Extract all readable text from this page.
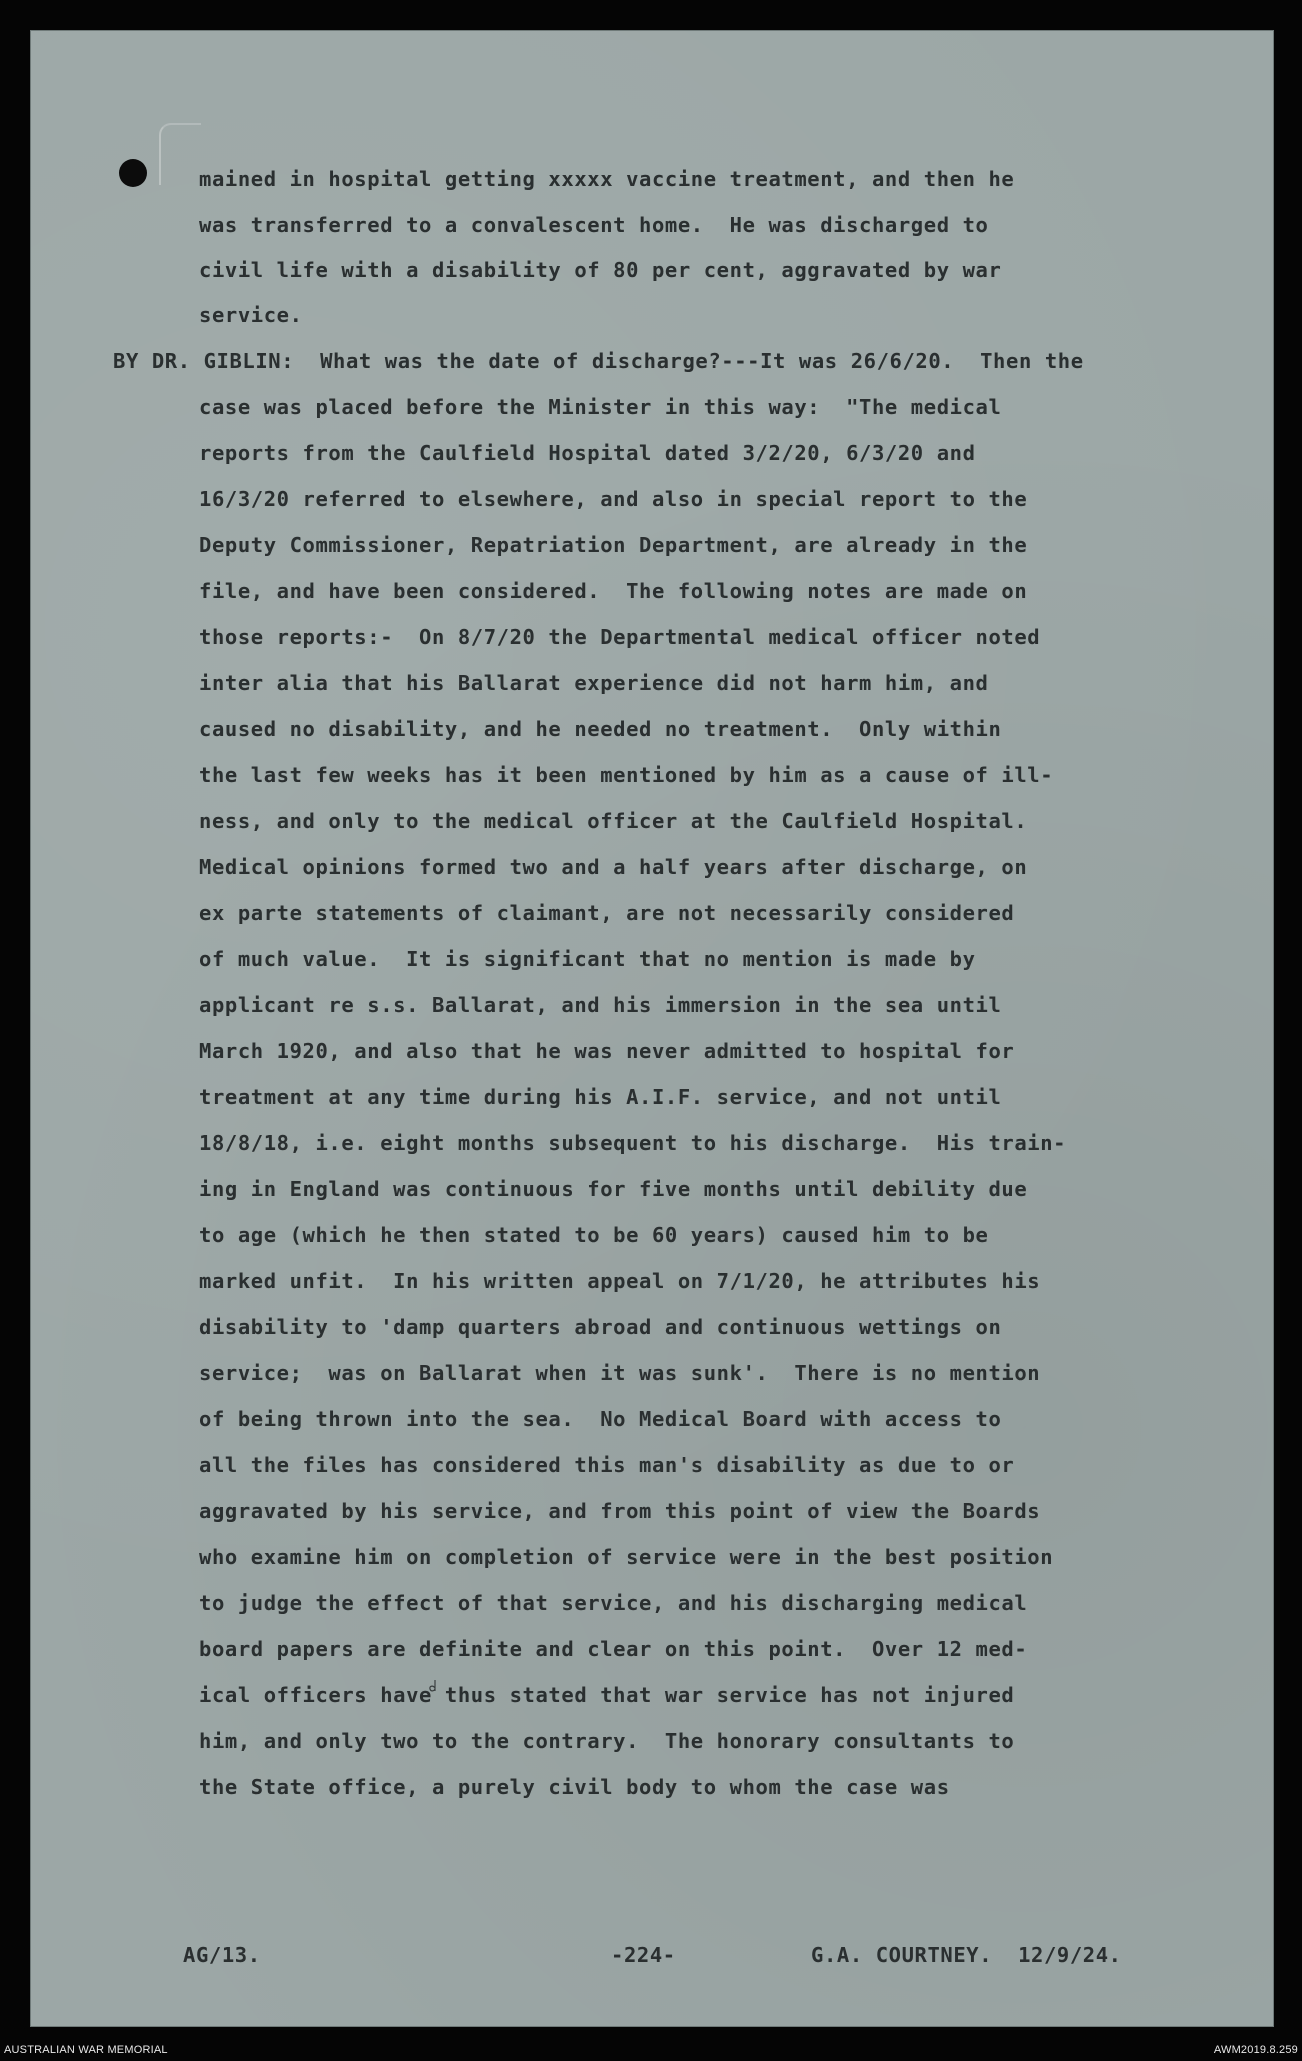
mained in hospital getting xxxxx vaccine treatment, and then he
was transferred to a convalescent home.  He was discharged to
civil life with a disability of 80 per cent, aggravated by war
service.
BY DR. GIBLIN:  What was the date of discharge?---It was 26/6/20.  Then the
case was placed before the Minister in this way:  "The medical
reports from the Caulfield Hospital dated 3/2/20, 6/3/20 and
16/3/20 referred to elsewhere, and also in special report to the
Deputy Commissioner, Repatriation Department, are already in the
file, and have been considered.  The following notes are made on
those reports:-  On 8/7/20 the Departmental medical officer noted
inter alia that his Ballarat experience did not harm him, and
caused no disability, and he needed no treatment.  Only within
the last few weeks has it been mentioned by him as a cause of ill-
ness, and only to the medical officer at the Caulfield Hospital.
Medical opinions formed two and a half years after discharge, on
ex parte statements of claimant, are not necessarily considered
of much value.  It is significant that no mention is made by
applicant re s.s. Ballarat, and his immersion in the sea until
March 1920, and also that he was never admitted to hospital for
treatment at any time during his A.I.F. service, and not until
18/8/18, i.e. eight months subsequent to his discharge.  His train-
ing in England was continuous for five months until debility due
to age (which he then stated to be 60 years) caused him to be
marked unfit.  In his written appeal on 7/1/20, he attributes his
disability to 'damp quarters abroad and continuous wettings on
service;  was on Ballarat when it was sunk'.  There is no mention
of being thrown into the sea.  No Medical Board with access to
all the files has considered this man's disability as due to or
aggravated by his service, and from this point of view the Boards
who examine him on completion of service were in the best position
to judge the effect of that service, and his discharging medical
board papers are definite and clear on this point.  Over 12 med-
ical officers have thus stated that war service has not injured
him, and only two to the contrary.  The honorary consultants to
the State office, a purely civil body to whom the case was
AG/13.	-224-	G.A. COURTNEY.  12/9/24.
AUSTRALIAN WAR MEMORIAL	AWM2019.8.259
